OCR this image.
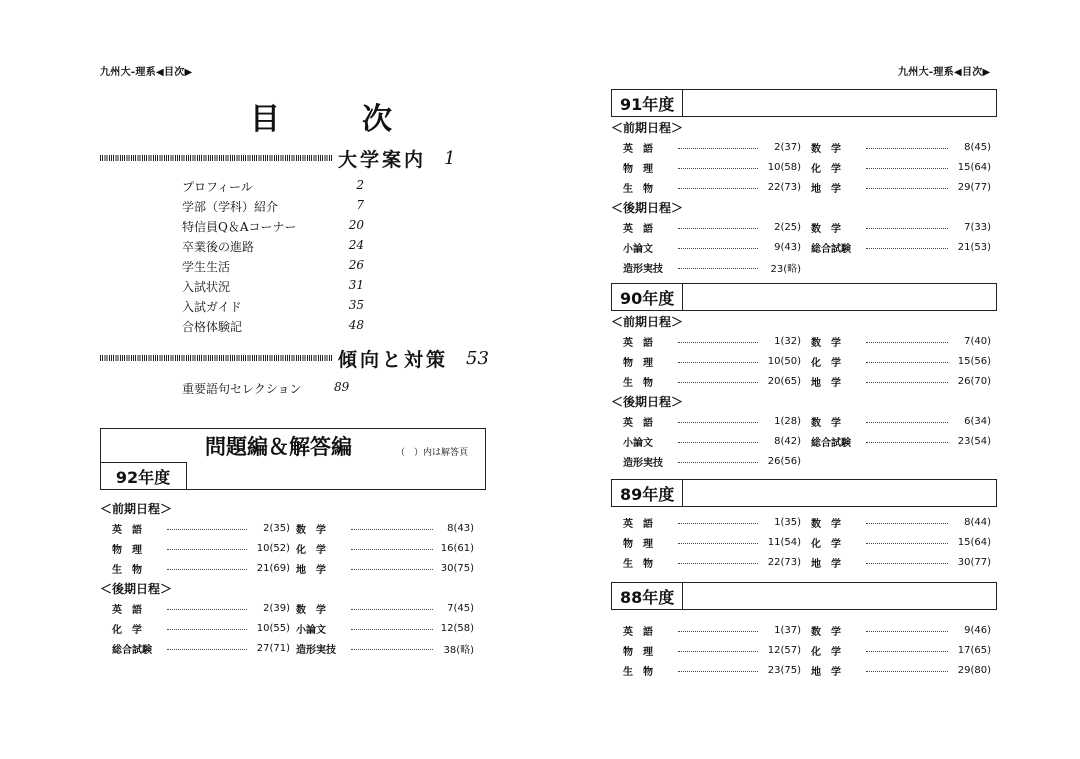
九州大-理系◀目次▶
目　次
大学案内 1
プロフィール	2
学部（学科）紹介	7
特信員Q＆Aコーナー	20
卒業後の進路	24
学生生活	26
入試状況	31
入試ガイド	35
合格体験記	48
傾向と対策 53
重要語句セレクション	89
問題編＆解答編	（　）内は解答頁
92年度
＜前期日程＞
英　語	2(35) 数　学	8(43)
物　理	10(52) 化　学	16(61)
生　物	21(69) 地　学	30(75)
＜後期日程＞
英　語	2(39) 数　学	7(45)
化　学	10(55) 小論文	12(58)
総合試験	27(71) 造形実技	38(略)
九州大-理系◀目次▶
91年度
＜前期日程＞
英　語	2(37) 数　学	8(45)
物　理	10(58) 化　学	15(64)
生　物	22(73) 地　学	29(77)
＜後期日程＞
英　語	2(25) 数　学	7(33)
小論文	9(43) 総合試験	21(53)
造形実技	23(略)
90年度
＜前期日程＞
英　語	1(32) 数　学	7(40)
物　理	10(50) 化　学	15(56)
生　物	20(65) 地　学	26(70)
＜後期日程＞
英　語	1(28) 数　学	6(34)
小論文	8(42) 総合試験	23(54)
造形実技	26(56)
89年度
英　語	1(35) 数　学	8(44)
物　理	11(54) 化　学	15(64)
生　物	22(73) 地　学	30(77)
88年度
英　語	1(37) 数　学	9(46)
物　理	12(57) 化　学	17(65)
生　物	23(75) 地　学	29(80)
